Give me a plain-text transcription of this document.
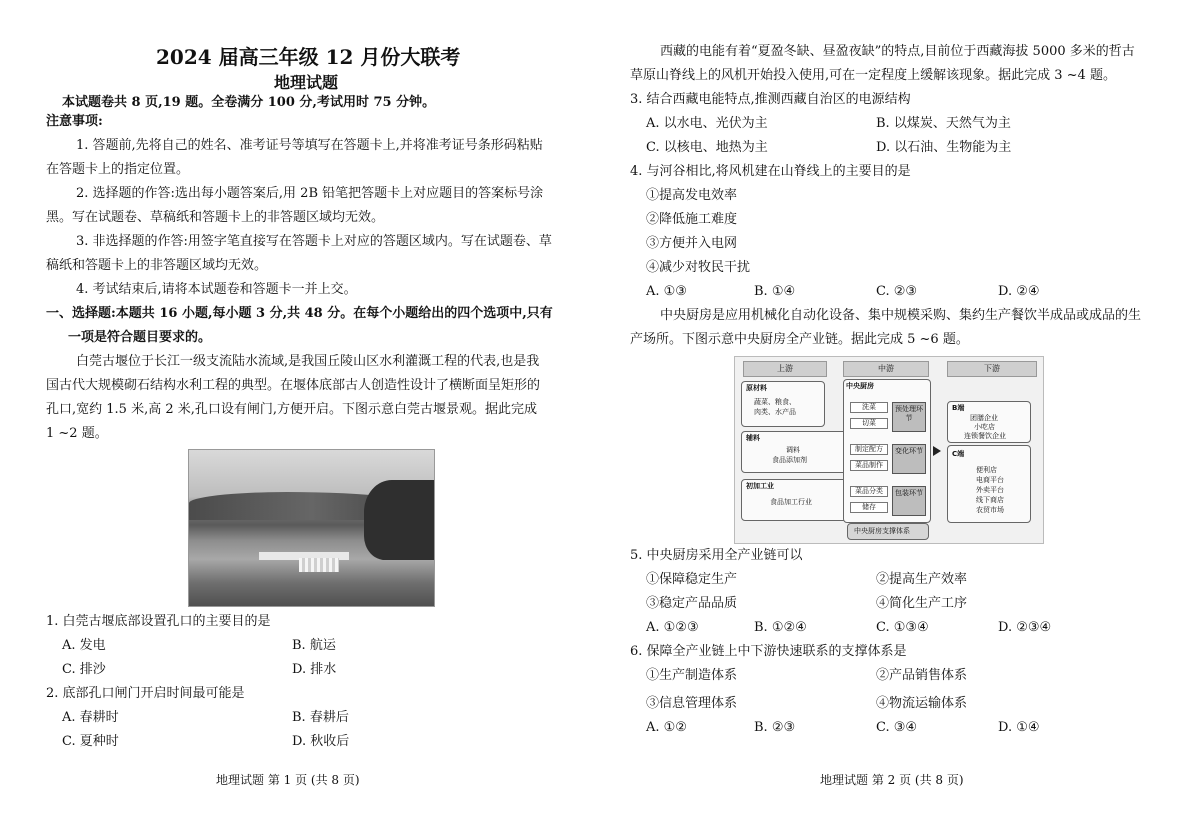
2024 届高三年级 12 月份大联考
地理试题
本试题卷共 8 页,19 题。全卷满分 100 分,考试用时 75 分钟。
注意事项:
1. 答题前,先将自己的姓名、准考证号等填写在答题卡上,并将准考证号条形码粘贴
在答题卡上的指定位置。
2. 选择题的作答:选出每小题答案后,用 2B 铅笔把答题卡上对应题目的答案标号涂
黑。写在试题卷、草稿纸和答题卡上的非答题区域均无效。
3. 非选择题的作答:用签字笔直接写在答题卡上对应的答题区域内。写在试题卷、草
稿纸和答题卡上的非答题区域均无效。
4. 考试结束后,请将本试题卷和答题卡一并上交。
一、选择题:本题共 16 小题,每小题 3 分,共 48 分。在每个小题给出的四个选项中,只有
一项是符合题目要求的。
白莞古堰位于长江一级支流陆水流域,是我国丘陵山区水利灌溉工程的代表,也是我
国古代大规模砌石结构水利工程的典型。在堰体底部古人创造性设计了横断面呈矩形的
孔口,宽约 1.5 米,高 2 米,孔口设有闸门,方便开启。下图示意白莞古堰景观。据此完成
1 ~2 题。
1. 白莞古堰底部设置孔口的主要目的是
A. 发电	B. 航运
C. 排沙	D. 排水
2. 底部孔口闸门开启时间最可能是
A. 春耕时	B. 春耕后
C. 夏种时	D. 秋收后
地理试题 第 1 页 (共 8 页)
西藏的电能有着“夏盈冬缺、昼盈夜缺”的特点,目前位于西藏海拔 5000 多米的哲古
草原山脊线上的风机开始投入使用,可在一定程度上缓解该现象。据此完成 3 ~4 题。
3. 结合西藏电能特点,推测西藏自治区的电源结构
A. 以水电、光伏为主	B. 以煤炭、天然气为主
C. 以核电、地热为主	D. 以石油、生物能为主
4. 与河谷相比,将风机建在山脊线上的主要目的是
①提高发电效率
②降低施工难度
③方便并入电网
④减少对牧民干扰
A. ①③	B. ①④	C. ②③	D. ②④
中央厨房是应用机械化自动化设备、集中规模采购、集约生产餐饮半成品或成品的生
产场所。下图示意中央厨房全产业链。据此完成 5 ~6 题。
上游	中游	下游
原材料
蔬菜、粮食、
肉类、水产品
辅料
调料
食品添加剂
初加工业
食品加工行业
中央厨房
洗菜
切菜
预处理环节
制定配方
菜品制作
变化环节
菜品分类
储存
包装环节
中央厨房支撑体系
B端
团膳企业
小吃店
连锁餐饮企业
C端
便利店
电商平台
外卖平台
线下商店
农贸市场
5. 中央厨房采用全产业链可以
①保障稳定生产	②提高生产效率
③稳定产品品质	④简化生产工序
A. ①②③	B. ①②④	C. ①③④	D. ②③④
6. 保障全产业链上中下游快速联系的支撑体系是
①生产制造体系	②产品销售体系
③信息管理体系	④物流运输体系
A. ①②	B. ②③	C. ③④	D. ①④
地理试题 第 2 页 (共 8 页)
